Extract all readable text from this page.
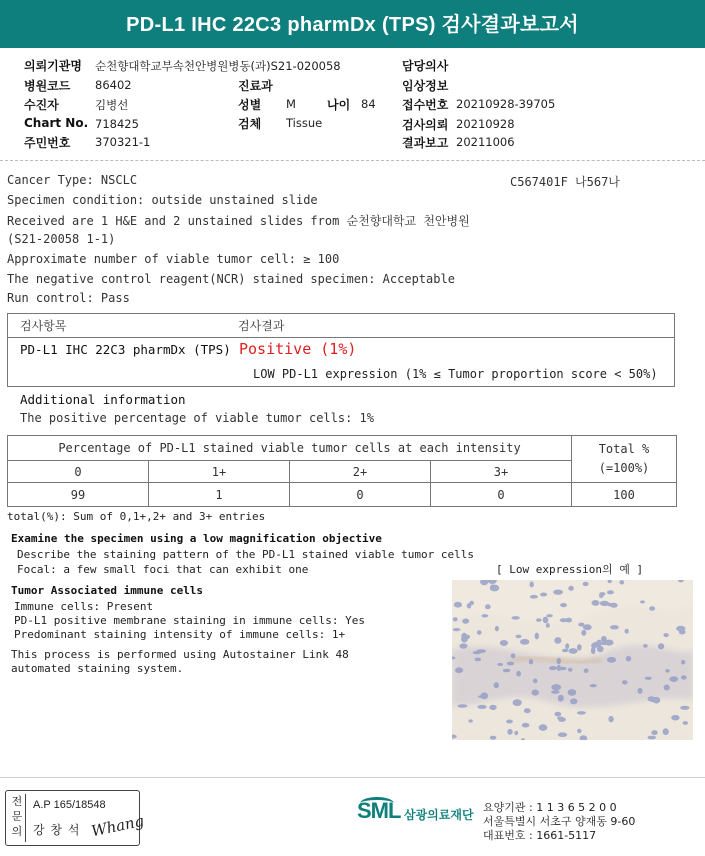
PD-L1 IHC 22C3 pharmDx (TPS) 검사결과보고서
의뢰기관명 순천향대학교부속천안병원병동(과)S21-020058	담당의사
병원코드 86402	진료과	임상정보
수진자	김병선	성별 M	나이 84 접수번호 20210928-39705
Chart No. 718425	검체 Tissue	검사의뢰 20210928
주민번호 370321-1	결과보고 20211006
Cancer Type: NSCLC	C567401F 나567나
Specimen condition: outside unstained slide
Received are 1 H&E and 2 unstained slides from 순천향대학교 천안병원
(S21-20058 1-1)
Approximate number of viable tumor cell: ≥ 100
The negative control reagent(NCR) stained specimen: Acceptable
Run control: Pass
검사항목	검사결과
PD-L1 IHC 22C3 pharmDx (TPS) Positive (1%)
LOW PD-L1 expression (1% ≤ Tumor proportion score < 50%)
Additional information
The positive percentage of viable tumor cells: 1%
Percentage of PD-L1 stained viable tumor cells at each intensity				Total %
(=100%)

0	1+	2+	3+	
99	1	0	0	100
total(%): Sum of 0,1+,2+ and 3+ entries
Examine the specimen using a low magnification objective
Describe the staining pattern of the PD-L1 stained viable tumor cells
Focal: a few small foci that can exhibit one
Tumor Associated immune cells
Immune cells: Present
PD-L1 positive membrane staining in immune cells: Yes
Predominant staining intensity of immune cells: 1+
This process is performed using Autostainer Link 48
automated staining system.
[ Low expression의 예 ]
전문의
A.P 165/18548
강 창 석 Whang
SML 삼광의료재단
요양기관 : 1 1 3 6 5 2 0 0
서울특별시 서초구 양재동 9-60
대표번호 : 1661-5117
